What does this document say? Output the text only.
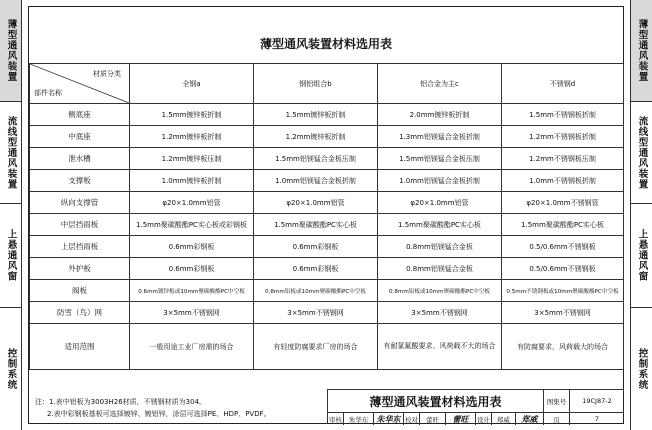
薄型通风装置
流线型通风装置
上悬通风窗
控制系统
薄型通风装置
流线型通风装置
上悬通风窗
控制系统
薄型通风装置材料选用表
材质分类
部件名称	全钢a	钢铝组合b	铝合金为主c	不锈钢d
侧底座	1.5mm镀锌板折制	1.5mm镀锌板折制	2.0mm镀锌板折制	1.5mm不锈钢板折制
中底座	1.2mm镀锌板折制	1.2mm镀锌板折制	1.3mm铝镁锰合金板折制	1.2mm不锈钢板折制
泄水槽	1.2mm镀锌板压制	1.5mm铝镁锰合金板压制	1.5mm铝镁锰合金板压制	1.2mm不锈钢板压制
支撑板	1.0mm镀锌板折制	1.0mm铝镁锰合金板折制	1.0mm铝镁锰合金板折制	1.0mm不锈钢板折制
纵向支撑管	φ20×1.0mm铝管	φ20×1.0mm铝管	φ20×1.0mm铝管	φ20×1.0mm不锈钢管
中层挡雨板	1.5mm聚碳酸酯PC实心板或彩钢板	1.5mm聚碳酸酯PC实心板	1.5mm聚碳酸酯PC实心板	1.5mm聚碳酸酯PC实心板
上层挡雨板	0.6mm彩钢板	0.6mm彩钢板	0.8mm铝镁锰合金板	0.5/0.6mm不锈钢板
外护板	0.6mm彩钢板	0.6mm彩钢板	0.8mm铝镁锰合金板	0.5/0.6mm不锈钢板
阀板	0.6mm镀锌板或10mm聚碳酸酯PC中空板	0.8mm铝板或10mm聚碳酸酯PC中空板	0.8mm铝板或10mm聚碳酸酯PC中空板	0.5mm不锈钢板或10mm聚碳酸酯PC中空板
防雪（鸟）网	3×5mm不锈钢网	3×5mm不锈钢网	3×5mm不锈钢网	3×5mm不锈钢网
适用范围	一般用途工业厂房需的场合	有轻度防腐要求厂房的场合	有耐氯氟酸要求、风荷载不大的场合	有防腐要求，风荷载大的场合
注：1.表中铝板为3003H26材质，不锈钢材质为304。
2.表中彩钢板基板可选择镀锌、镀铝锌，涂层可选择PE、HDP、PVDF。
薄型通风装置材料选用表	图集号	19CJ87-2
审核	朱华东	朱华东 校对	蕾旺	蕾旺	设计	郑威	郑威	页	7
